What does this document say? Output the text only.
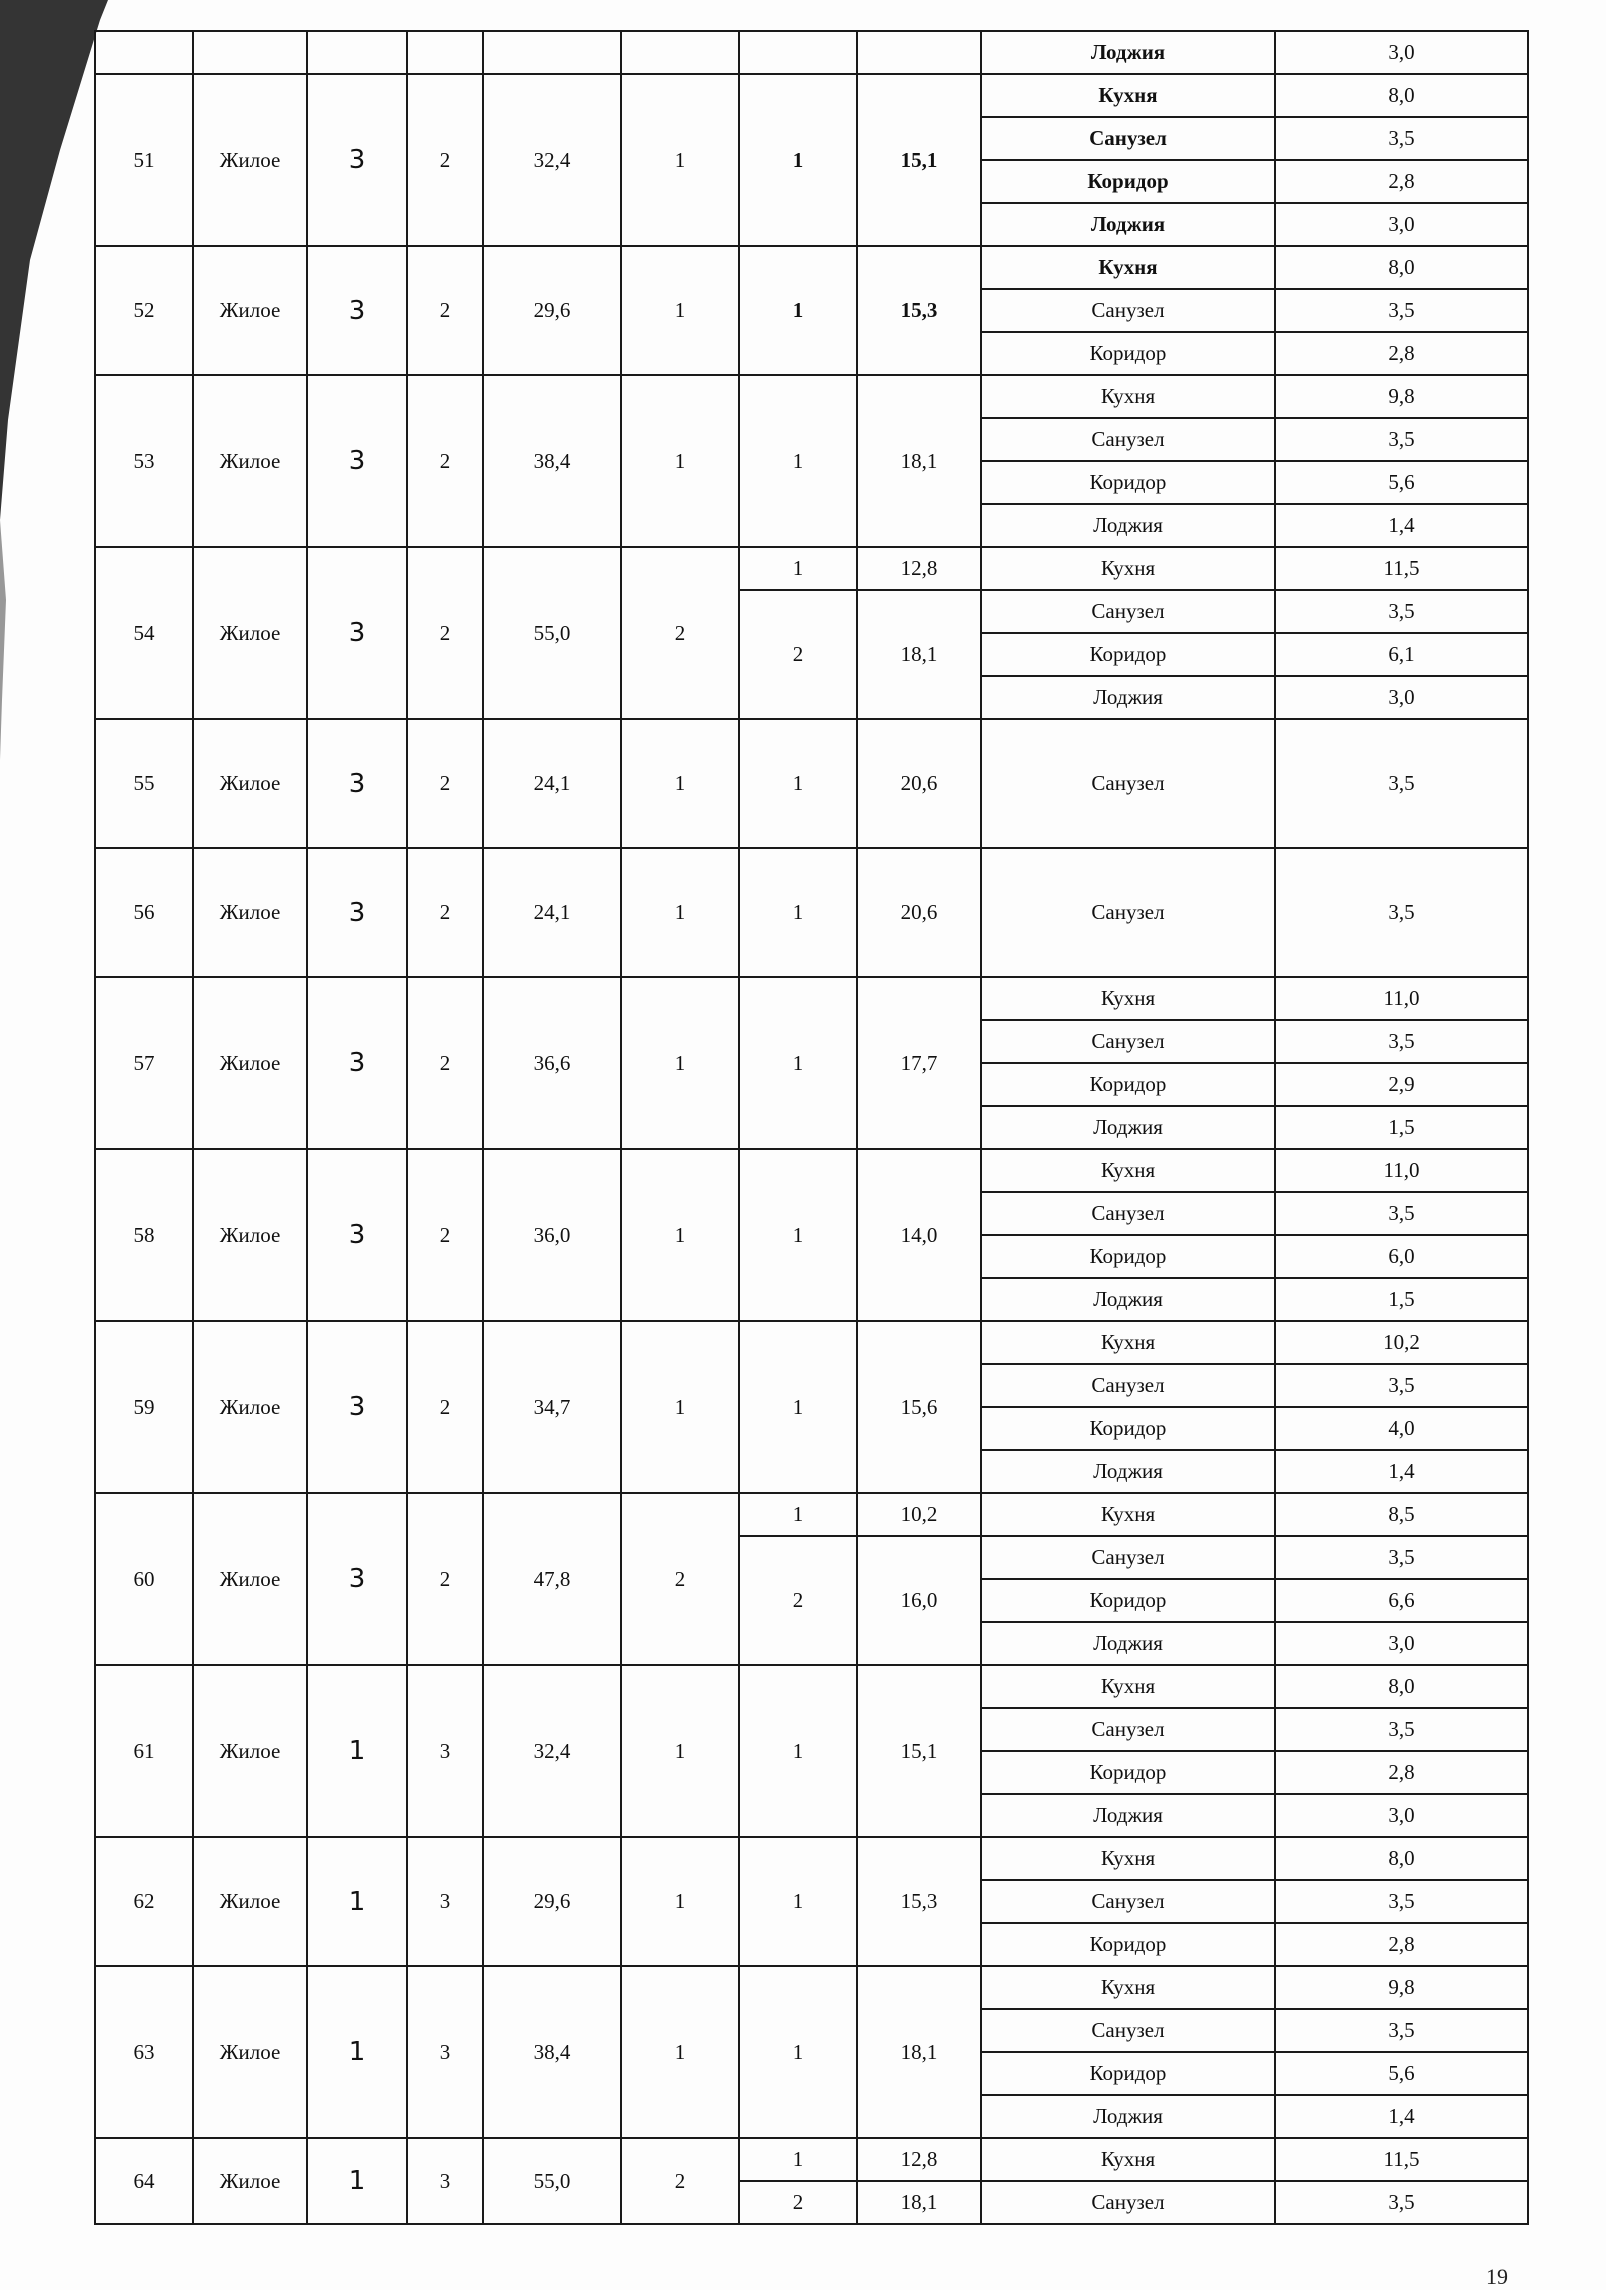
								Лоджия	3,0
51	Жилое	3	2	32,4	1	1	15,1	Кухня	8,0
								Санузел	3,5
								Коридор	2,8
								Лоджия	3,0
52	Жилое	3	2	29,6	1	1	15,3	Кухня	8,0
								Санузел	3,5
								Коридор	2,8
53	Жилое	3	2	38,4	1	1	18,1	Кухня	9,8
								Санузел	3,5
								Коридор	5,6
								Лоджия	1,4
54	Жилое	3	2	55,0	2	1	12,8	Кухня	11,5
						2	18,1	Санузел	3,5
								Коридор	6,1
								Лоджия	3,0
55	Жилое	3	2	24,1	1	1	20,6	Санузел	3,5
56	Жилое	3	2	24,1	1	1	20,6	Санузел	3,5
57	Жилое	3	2	36,6	1	1	17,7	Кухня	11,0
								Санузел	3,5
								Коридор	2,9
								Лоджия	1,5
58	Жилое	3	2	36,0	1	1	14,0	Кухня	11,0
								Санузел	3,5
								Коридор	6,0
								Лоджия	1,5
59	Жилое	3	2	34,7	1	1	15,6	Кухня	10,2
								Санузел	3,5
								Коридор	4,0
								Лоджия	1,4
60	Жилое	3	2	47,8	2	1	10,2	Кухня	8,5
						2	16,0	Санузел	3,5
								Коридор	6,6
								Лоджия	3,0
61	Жилое	1	3	32,4	1	1	15,1	Кухня	8,0
								Санузел	3,5
								Коридор	2,8
								Лоджия	3,0
62	Жилое	1	3	29,6	1	1	15,3	Кухня	8,0
								Санузел	3,5
								Коридор	2,8
63	Жилое	1	3	38,4	1	1	18,1	Кухня	9,8
								Санузел	3,5
								Коридор	5,6
								Лоджия	1,4
64	Жилое	1	3	55,0	2	1	12,8	Кухня	11,5
						2	18,1	Санузел	3,5
19
